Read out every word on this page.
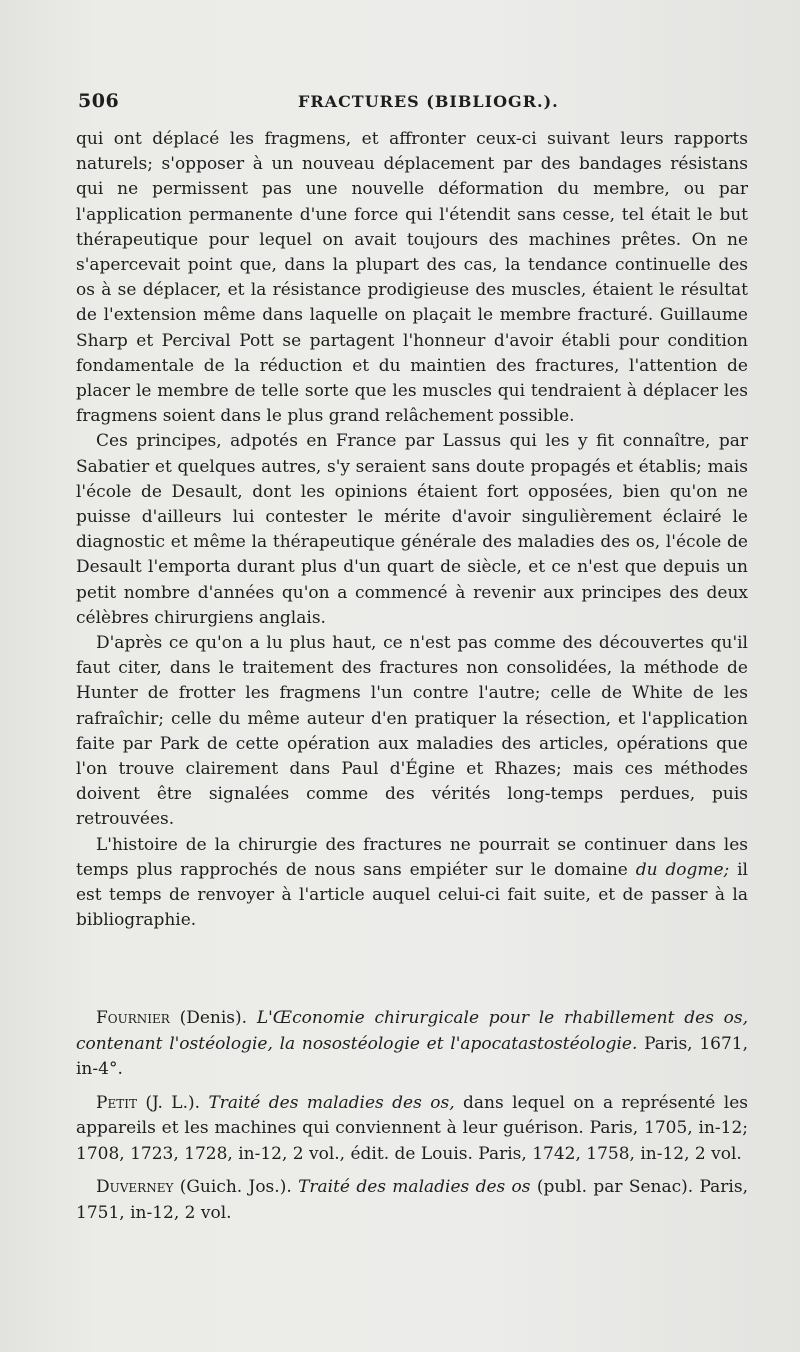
506	FRACTURES (BIBLIOGR.).

qui ont déplacé les fragmens, et affronter ceux-ci suivant leurs rapports naturels; s'opposer à un nouveau déplacement par des bandages résistans qui ne permissent pas une nouvelle déformation du membre, ou par l'application permanente d'une force qui l'étendit sans cesse, tel était le but thérapeutique pour lequel on avait toujours des machines prêtes. On ne s'apercevait point que, dans la plupart des cas, la tendance continuelle des os à se déplacer, et la résistance prodigieuse des muscles, étaient le résultat de l'extension même dans laquelle on plaçait le membre fracturé. Guillaume Sharp et Percival Pott se partagent l'honneur d'avoir établi pour condition fondamentale de la réduction et du maintien des fractures, l'attention de placer le membre de telle sorte que les muscles qui tendraient à déplacer les fragmens soient dans le plus grand relâchement possible.

Ces principes, adpotés en France par Lassus qui les y fit connaître, par Sabatier et quelques autres, s'y seraient sans doute propagés et établis; mais l'école de Desault, dont les opinions étaient fort opposées, bien qu'on ne puisse d'ailleurs lui contester le mérite d'avoir singulièrement éclairé le diagnostic et même la thérapeutique générale des maladies des os, l'école de Desault l'emporta durant plus d'un quart de siècle, et ce n'est que depuis un petit nombre d'années qu'on a commencé à revenir aux principes des deux célèbres chirurgiens anglais.

D'après ce qu'on a lu plus haut, ce n'est pas comme des découvertes qu'il faut citer, dans le traitement des fractures non consolidées, la méthode de Hunter de frotter les fragmens l'un contre l'autre; celle de White de les rafraîchir; celle du même auteur d'en pratiquer la résection, et l'application faite par Park de cette opération aux maladies des articles, opérations que l'on trouve clairement dans Paul d'Égine et Rhazes; mais ces méthodes doivent être signalées comme des vérités long-temps perdues, puis retrouvées.

L'histoire de la chirurgie des fractures ne pourrait se continuer dans les temps plus rapprochés de nous sans empiéter sur le domaine du dogme; il est temps de renvoyer à l'article auquel celui-ci fait suite, et de passer à la bibliographie.

Fournier (Denis). L'Œconomie chirurgicale pour le rhabillement des os, contenant l'ostéologie, la nosostéologie et l'apocatastostéologie. Paris, 1671, in-4°.

Petit (J. L.). Traité des maladies des os, dans lequel on a représenté les appareils et les machines qui conviennent à leur guérison. Paris, 1705, in-12; 1708, 1723, 1728, in-12, 2 vol., édit. de Louis. Paris, 1742, 1758, in-12, 2 vol.

Duverney (Guich. Jos.). Traité des maladies des os (publ. par Senac). Paris, 1751, in-12, 2 vol.
